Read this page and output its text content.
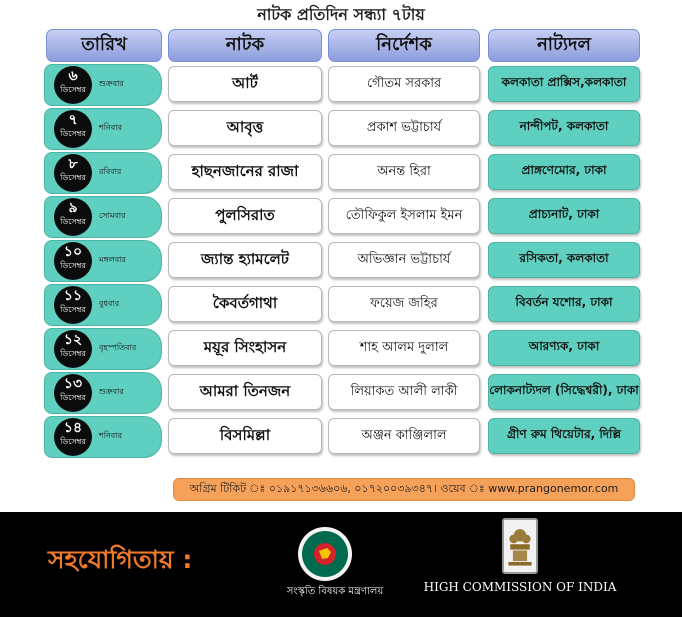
নাটক প্রতিদিন সন্ধ্যা ৭টায়
তারিখ	নাটক	নির্দেশক	নাট্যদল
৬
ডিসেম্বর
শুক্রবার	আর্ট	গৌতম সরকার	কলকাতা প্রাক্সিস,কলকাতা
৭
ডিসেম্বর
শনিবার	আবৃত্ত	প্রকাশ ভট্টাচার্য	নান্দীপট, কলকাতা
৮
ডিসেম্বর
রবিবার	হাছনজানের রাজা	অনন্ত হিরা	প্রাঙ্গণেমোর, ঢাকা
৯
ডিসেম্বর
সোমবার	পুলসিরাত	তৌফিকুল ইসলাম ইমন	প্রাচ্যনাট, ঢাকা
১০
ডিসেম্বর
মঙ্গলবার	জ্যান্ত হ্যামলেট	অভিজ্ঞান ভট্টাচার্য	রসিকতা, কলকাতা
১১
ডিসেম্বর
বুধবার	কৈবর্তগাথা	ফয়েজ জহির	বিবর্তন যশোর, ঢাকা
১২
ডিসেম্বর
বৃহস্পতিবার	ময়ূর সিংহাসন	শাহ আলম দুলাল	আরণ্যক, ঢাকা
১৩
ডিসেম্বর
শুক্রবার	আমরা তিনজন	লিয়াকত আলী লাকী	লোকনাট্যদল (সিদ্ধেশ্বরী), ঢাকা
১৪
ডিসেম্বর
শনিবার	বিসমিল্লা	অঞ্জন কাঞ্জিলাল	গ্রীণ রুম থিয়েটার, দিল্লি
অগ্রিম টিকিট ঃ ০১৯১৭১৩৬৬০৬, ০১৭২০০৩৯৩৪৭। ওয়েব ঃ www.prangonemor.com
সহযোগিতায় :
সংস্কৃতি বিষয়ক মন্ত্রণালয়	HIGH COMMISSION OF INDIA
